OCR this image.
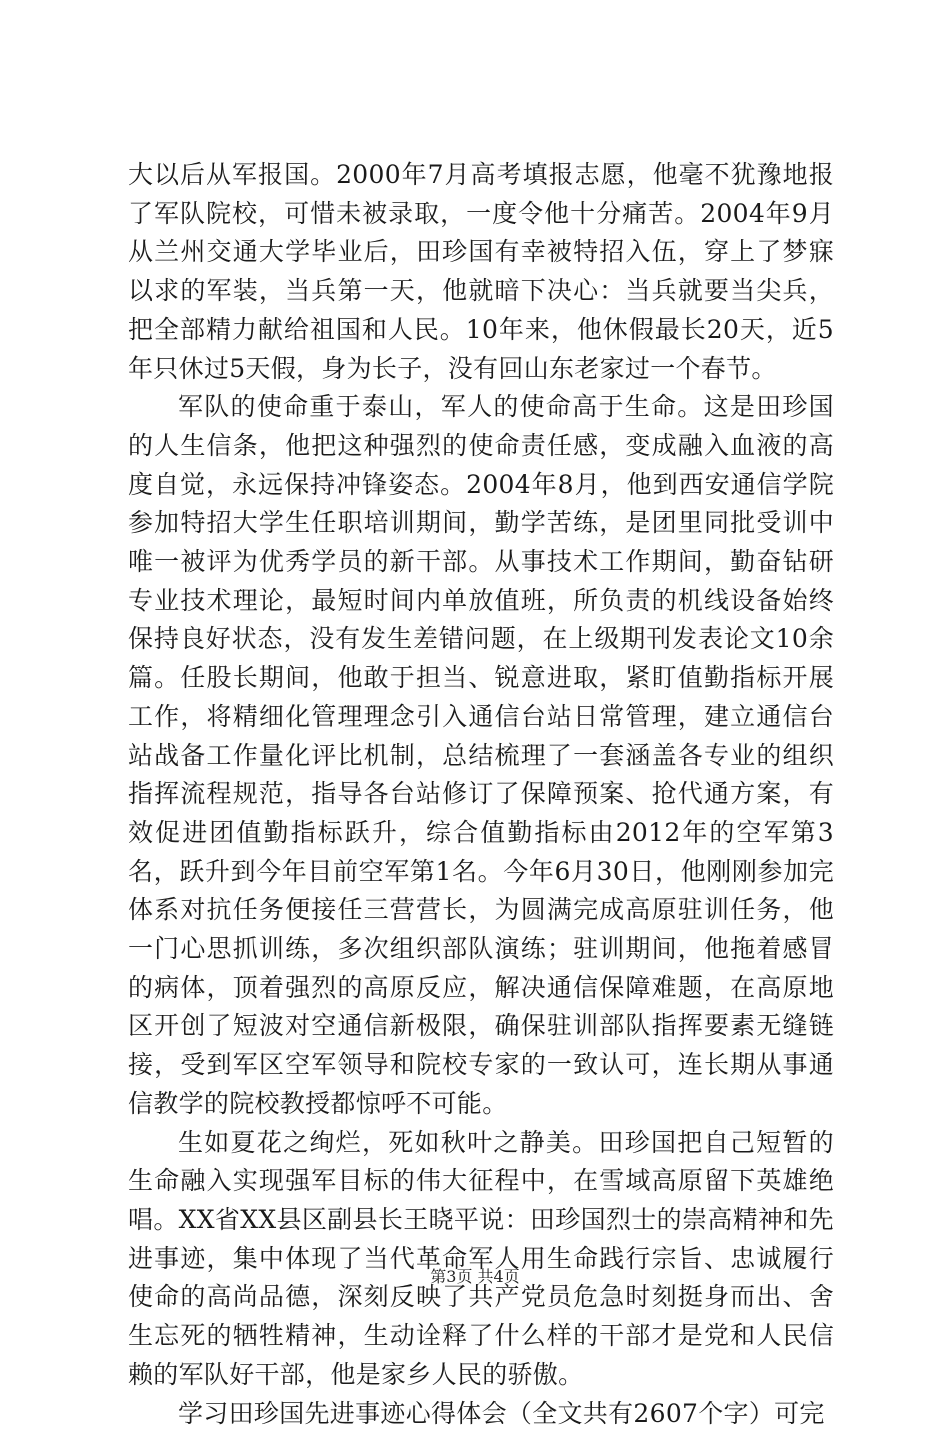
大以后从军报国。2000年7月高考填报志愿，他毫不犹豫地报了军队院校，可惜未被录取，一度令他十分痛苦。2004年9月从兰州交通大学毕业后，田珍国有幸被特招入伍，穿上了梦寐以求的军装，当兵第一天，他就暗下决心：当兵就要当尖兵，把全部精力献给祖国和人民。10年来，他休假最长20天，近5年只休过5天假，身为长子，没有回山东老家过一个春节。

军队的使命重于泰山，军人的使命高于生命。这是田珍国的人生信条，他把这种强烈的使命责任感，变成融入血液的高度自觉，永远保持冲锋姿态。2004年8月，他到西安通信学院参加特招大学生任职培训期间，勤学苦练，是团里同批受训中唯一被评为优秀学员的新干部。从事技术工作期间，勤奋钻研专业技术理论，最短时间内单放值班，所负责的机线设备始终保持良好状态，没有发生差错问题，在上级期刊发表论文10余篇。任股长期间，他敢于担当、锐意进取，紧盯值勤指标开展工作，将精细化管理理念引入通信台站日常管理，建立通信台站战备工作量化评比机制，总结梳理了一套涵盖各专业的组织指挥流程规范，指导各台站修订了保障预案、抢代通方案，有效促进团值勤指标跃升，综合值勤指标由2012年的空军第3名，跃升到今年目前空军第1名。今年6月30日，他刚刚参加完体系对抗任务便接任三营营长，为圆满完成高原驻训任务，他一门心思抓训练，多次组织部队演练；驻训期间，他拖着感冒的病体，顶着强烈的高原反应，解决通信保障难题，在高原地区开创了短波对空通信新极限，确保驻训部队指挥要素无缝链接，受到军区空军领导和院校专家的一致认可，连长期从事通信教学的院校教授都惊呼不可能。

生如夏花之绚烂，死如秋叶之静美。田珍国把自己短暂的生命融入实现强军目标的伟大征程中，在雪域高原留下英雄绝唱。XX省XX县区副县长王晓平说：田珍国烈士的崇高精神和先进事迹，集中体现了当代革命军人用生命践行宗旨、忠诚履行使命的高尚品德，深刻反映了共产党员危急时刻挺身而出、舍生忘死的牺牲精神，生动诠释了什么样的干部才是党和人民信赖的军队好干部，他是家乡人民的骄傲。

学习田珍国先进事迹心得体会（全文共有2607个字）可完

第3页 共4页
